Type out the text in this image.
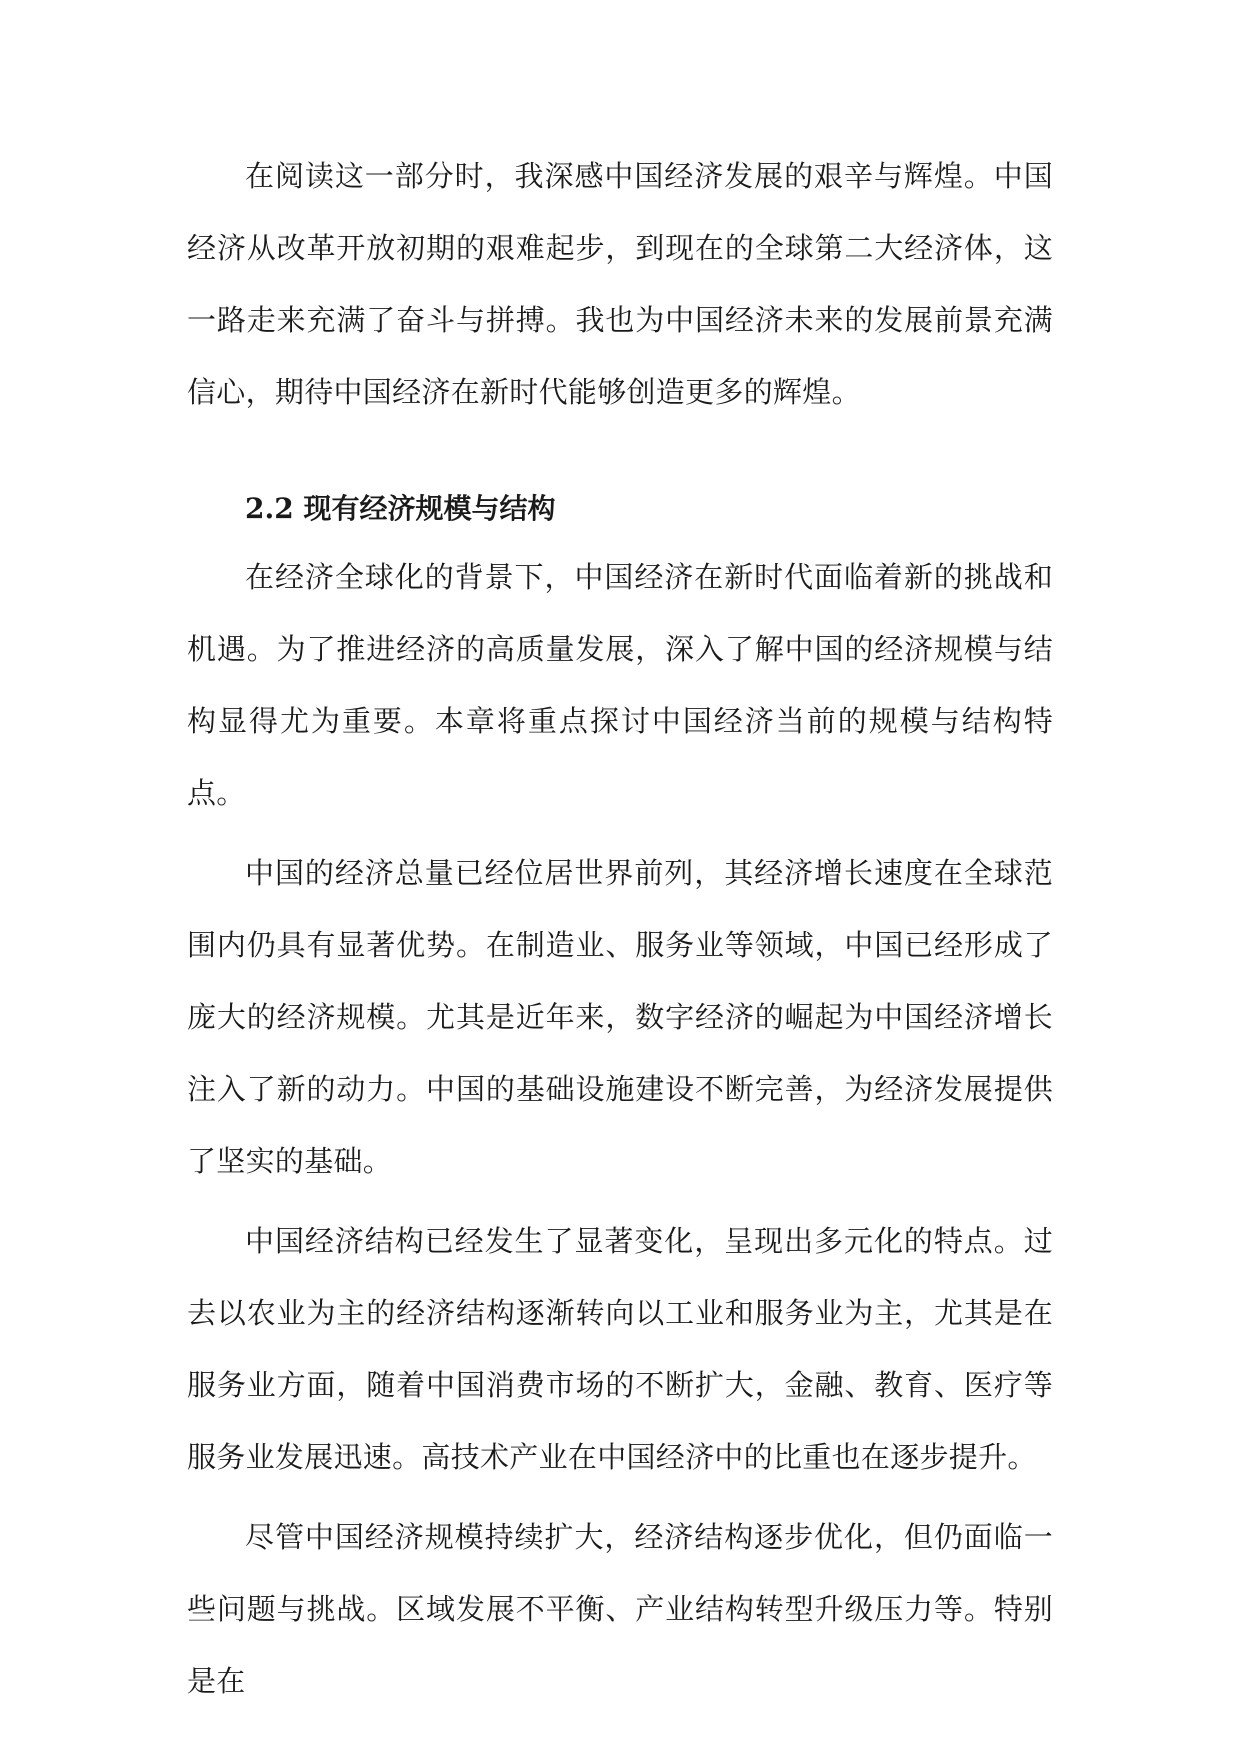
在阅读这一部分时，我深感中国经济发展的艰辛与辉煌。中国经济从改革开放初期的艰难起步，到现在的全球第二大经济体，这一路走来充满了奋斗与拼搏。我也为中国经济未来的发展前景充满信心，期待中国经济在新时代能够创造更多的辉煌。

2.2 现有经济规模与结构

在经济全球化的背景下，中国经济在新时代面临着新的挑战和机遇。为了推进经济的高质量发展，深入了解中国的经济规模与结构显得尤为重要。本章将重点探讨中国经济当前的规模与结构特点。

中国的经济总量已经位居世界前列，其经济增长速度在全球范围内仍具有显著优势。在制造业、服务业等领域，中国已经形成了庞大的经济规模。尤其是近年来，数字经济的崛起为中国经济增长注入了新的动力。中国的基础设施建设不断完善，为经济发展提供了坚实的基础。

中国经济结构已经发生了显著变化，呈现出多元化的特点。过去以农业为主的经济结构逐渐转向以工业和服务业为主，尤其是在服务业方面，随着中国消费市场的不断扩大，金融、教育、医疗等服务业发展迅速。高技术产业在中国经济中的比重也在逐步提升。

尽管中国经济规模持续扩大，经济结构逐步优化，但仍面临一些问题与挑战。区域发展不平衡、产业结构转型升级压力等。特别是在
